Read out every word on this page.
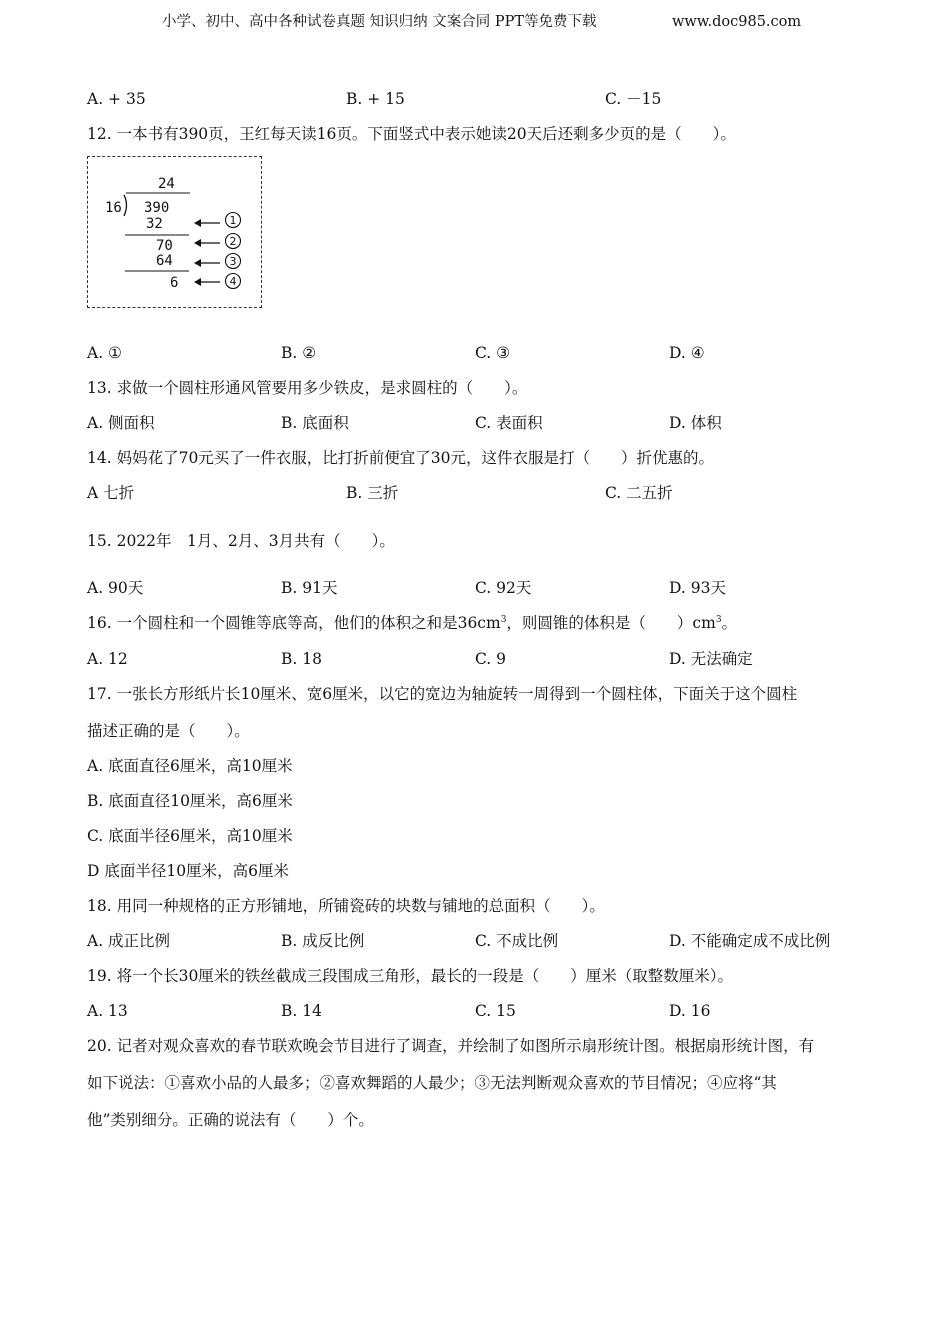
小学、初中、高中各种试卷真题 知识归纳 文案合同 PPT等免费下载	www.doc985.com
A. + 35	B. + 15	C. －15
12. 一本书有390页，王红每天读16页。下面竖式中表示她读20天后还剩多少页的是（　　）。
24
16 390
32
70
64
6
1
2
3
4
A. ①	B. ②	C. ③	D. ④
13. 求做一个圆柱形通风管要用多少铁皮，是求圆柱的（　　）。
A. 侧面积	B. 底面积	C. 表面积	D. 体积
14. 妈妈花了70元买了一件衣服，比打折前便宜了30元，这件衣服是打（　　）折优惠的。
A 七折	B. 三折	C. 二五折
15. 2022年　1月、2月、3月共有（　　）。
A. 90天	B. 91天	C. 92天	D. 93天
16. 一个圆柱和一个圆锥等底等高，他们的体积之和是$36cm^3$，则圆锥的体积是（　　）$cm^3$。
A. 12	B. 18	C. 9	D. 无法确定
17. 一张长方形纸片长10厘米、宽6厘米，以它的宽边为轴旋转一周得到一个圆柱体，下面关于这个圆柱
描述正确的是（　　）。
A. 底面直径6厘米，高10厘米
B. 底面直径10厘米，高6厘米
C. 底面半径6厘米，高10厘米
D 底面半径10厘米，高6厘米
18. 用同一种规格的正方形铺地，所铺瓷砖的块数与铺地的总面积（　　）。
A. 成正比例	B. 成反比例	C. 不成比例	D. 不能确定成不成比例
19. 将一个长30厘米的铁丝截成三段围成三角形，最长的一段是（　　）厘米（取整数厘米）。
A. 13	B. 14	C. 15	D. 16
20. 记者对观众喜欢的春节联欢晚会节目进行了调查，并绘制了如图所示扇形统计图。根据扇形统计图，有
如下说法：①喜欢小品的人最多；②喜欢舞蹈的人最少；③无法判断观众喜欢的节目情况；④应将“其
他”类别细分。正确的说法有（　　）个。
